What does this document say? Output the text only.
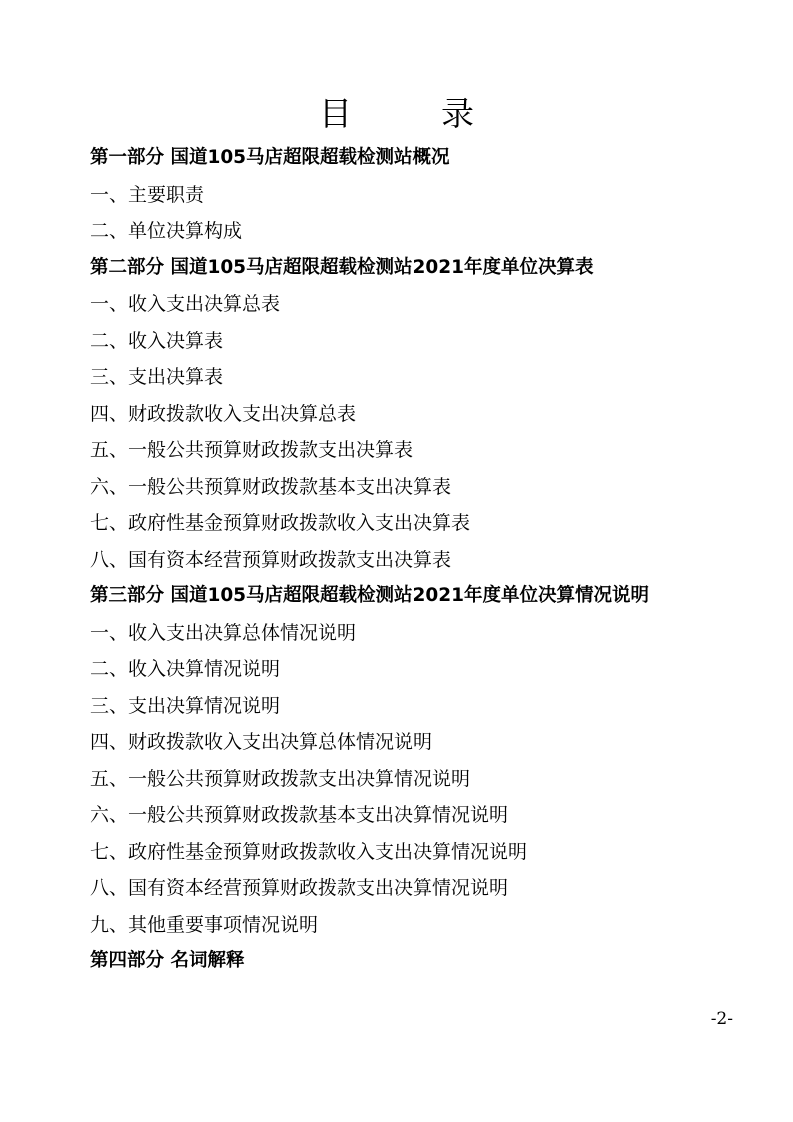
目　录
第一部分 国道105马店超限超载检测站概况
一、主要职责
二、单位决算构成
第二部分 国道105马店超限超载检测站2021年度单位决算表
一、收入支出决算总表
二、收入决算表
三、支出决算表
四、财政拨款收入支出决算总表
五、一般公共预算财政拨款支出决算表
六、一般公共预算财政拨款基本支出决算表
七、政府性基金预算财政拨款收入支出决算表
八、国有资本经营预算财政拨款支出决算表
第三部分 国道105马店超限超载检测站2021年度单位决算情况说明
一、收入支出决算总体情况说明
二、收入决算情况说明
三、支出决算情况说明
四、财政拨款收入支出决算总体情况说明
五、一般公共预算财政拨款支出决算情况说明
六、一般公共预算财政拨款基本支出决算情况说明
七、政府性基金预算财政拨款收入支出决算情况说明
八、国有资本经营预算财政拨款支出决算情况说明
九、其他重要事项情况说明
第四部分 名词解释
-2-
